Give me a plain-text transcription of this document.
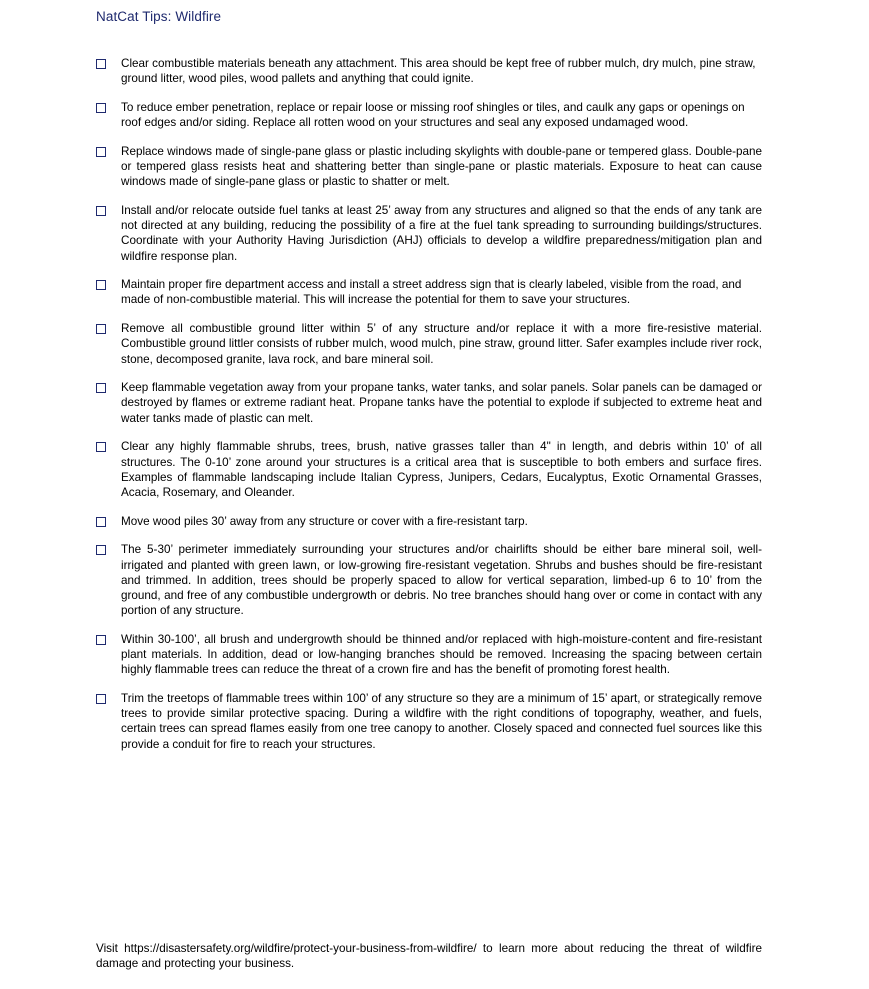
NatCat Tips: Wildfire
Clear combustible materials beneath any attachment. This area should be kept free of rubber mulch, dry mulch, pine straw, ground litter, wood piles, wood pallets and anything that could ignite.
To reduce ember penetration, replace or repair loose or missing roof shingles or tiles, and caulk any gaps or openings on roof edges and/or siding. Replace all rotten wood on your structures and seal any exposed undamaged wood.
Replace windows made of single-pane glass or plastic including skylights with double-pane or tempered glass. Double-pane or tempered glass resists heat and shattering better than single-pane or plastic materials. Exposure to heat can cause windows made of single-pane glass or plastic to shatter or melt.
Install and/or relocate outside fuel tanks at least 25’ away from any structures and aligned so that the ends of any tank are not directed at any building, reducing the possibility of a fire at the fuel tank spreading to surrounding buildings/structures. Coordinate with your Authority Having Jurisdiction (AHJ) officials to develop a wildfire preparedness/mitigation plan and wildfire response plan.
Maintain proper fire department access and install a street address sign that is clearly labeled, visible from the road, and made of non-combustible material. This will increase the potential for them to save your structures.
Remove all combustible ground litter within 5’ of any structure and/or replace it with a more fire-resistive material. Combustible ground littler consists of rubber mulch, wood mulch, pine straw, ground litter. Safer examples include river rock, stone, decomposed granite, lava rock, and bare mineral soil.
Keep flammable vegetation away from your propane tanks, water tanks, and solar panels. Solar panels can be damaged or destroyed by flames or extreme radiant heat. Propane tanks have the potential to explode if subjected to extreme heat and water tanks made of plastic can melt.
Clear any highly flammable shrubs, trees, brush, native grasses taller than 4" in length, and debris within 10’ of all structures. The 0-10’ zone around your structures is a critical area that is susceptible to both embers and surface fires. Examples of flammable landscaping include Italian Cypress, Junipers, Cedars, Eucalyptus, Exotic Ornamental Grasses, Acacia, Rosemary, and Oleander.
Move wood piles 30’ away from any structure or cover with a fire-resistant tarp.
The 5-30’ perimeter immediately surrounding your structures and/or chairlifts should be either bare mineral soil, well-irrigated and planted with green lawn, or low-growing fire-resistant vegetation. Shrubs and bushes should be fire-resistant and trimmed. In addition, trees should be properly spaced to allow for vertical separation, limbed-up 6 to 10’ from the ground, and free of any combustible undergrowth or debris. No tree branches should hang over or come in contact with any portion of any structure.
Within 30-100’, all brush and undergrowth should be thinned and/or replaced with high-moisture-content and fire-resistant plant materials. In addition, dead or low-hanging branches should be removed. Increasing the spacing between certain highly flammable trees can reduce the threat of a crown fire and has the benefit of promoting forest health.
Trim the treetops of flammable trees within 100’ of any structure so they are a minimum of 15’ apart, or strategically remove trees to provide similar protective spacing. During a wildfire with the right conditions of topography, weather, and fuels, certain trees can spread flames easily from one tree canopy to another. Closely spaced and connected fuel sources like this provide a conduit for fire to reach your structures.
Visit https://disastersafety.org/wildfire/protect-your-business-from-wildfire/ to learn more about reducing the threat of wildfire damage and protecting your business.
